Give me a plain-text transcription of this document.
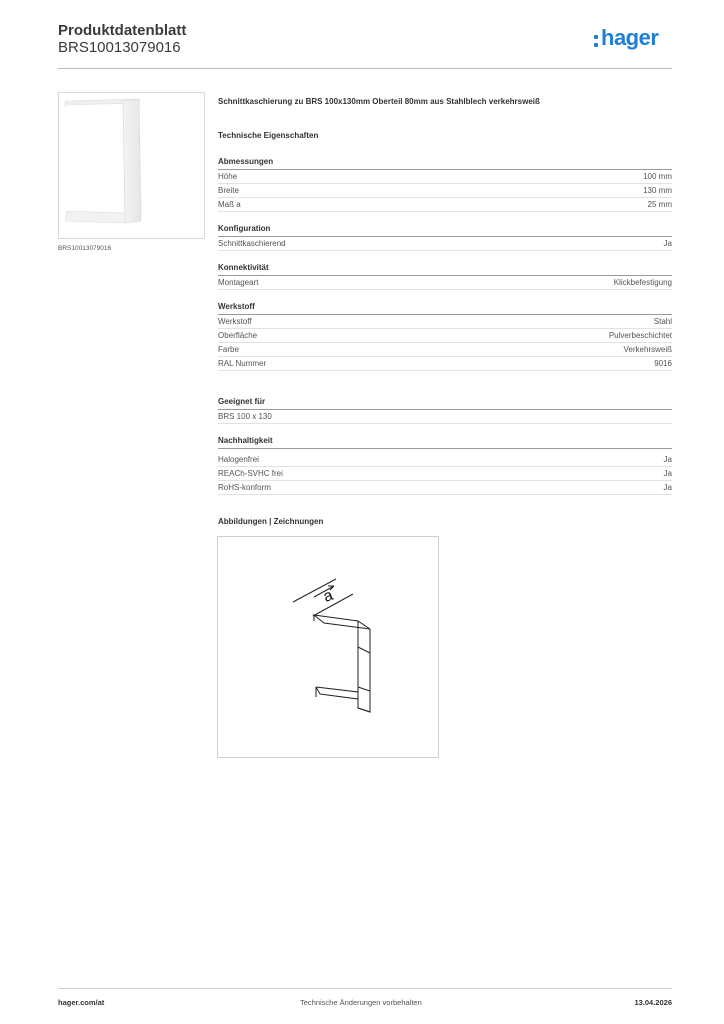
Produktdatenblatt
BRS10013079016	hager
BRS10013079016
Schnittkaschierung zu BRS 100x130mm Oberteil 80mm aus Stahlblech verkehrsweiß
Technische Eigenschaften
Abmessungen
Höhe	100 mm
Breite	130 mm
Maß a	25 mm
Konfiguration
Schnittkaschierend	Ja
Konnektivität
Montageart	Klickbefestigung
Werkstoff
Werkstoff	Stahl
Oberfläche	Pulverbeschichtet
Farbe	Verkehrsweiß
RAL Nummer	9016
Geeignet für
BRS 100 x 130
Nachhaltigkeit
Halogenfrei	Ja
REACh-SVHC frei	Ja
RoHS-konform	Ja
Abbildungen | Zeichnungen
a
hager.com/at	Technische Änderungen vorbehalten	13.04.2026
